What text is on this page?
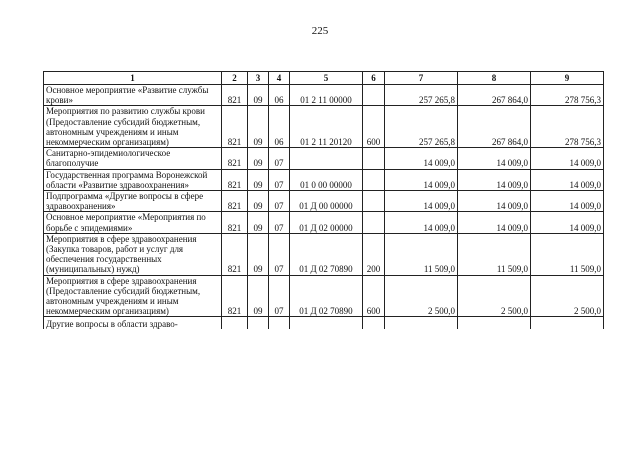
225
1	2	3	4	5	6	7	8	9
Основное мероприятие «Развитие службы крови»	821	09	06	01 2 11 00000		257 265,8	267 864,0	278 756,3
Мероприятия по развитию службы крови (Предоставление субсидий бюджетным, автономным учреждениям и иным некоммерческим организациям)	821	09	06	01 2 11 20120	600	257 265,8	267 864,0	278 756,3
Санитарно-эпидемиологическое благополучие	821	09	07			14 009,0	14 009,0	14 009,0
Государственная программа Воронежской области «Развитие здравоохранения»	821	09	07	01 0 00 00000		14 009,0	14 009,0	14 009,0
Подпрограмма «Другие вопросы в сфере здравоохранения»	821	09	07	01 Д 00 00000		14 009,0	14 009,0	14 009,0
Основное мероприятие «Мероприятия по борьбе с эпидемиями»	821	09	07	01 Д 02 00000		14 009,0	14 009,0	14 009,0
Мероприятия в сфере здравоохранения (Закупка товаров, работ и услуг для обеспечения государственных (муниципальных) нужд)	821	09	07	01 Д 02 70890	200	11 509,0	11 509,0	11 509,0
Мероприятия в сфере здравоохранения (Предоставление субсидий бюджетным, автономным учреждениям и иным некоммерческим организациям)	821	09	07	01 Д 02 70890	600	2 500,0	2 500,0	2 500,0
Другие вопросы в области здраво-								
